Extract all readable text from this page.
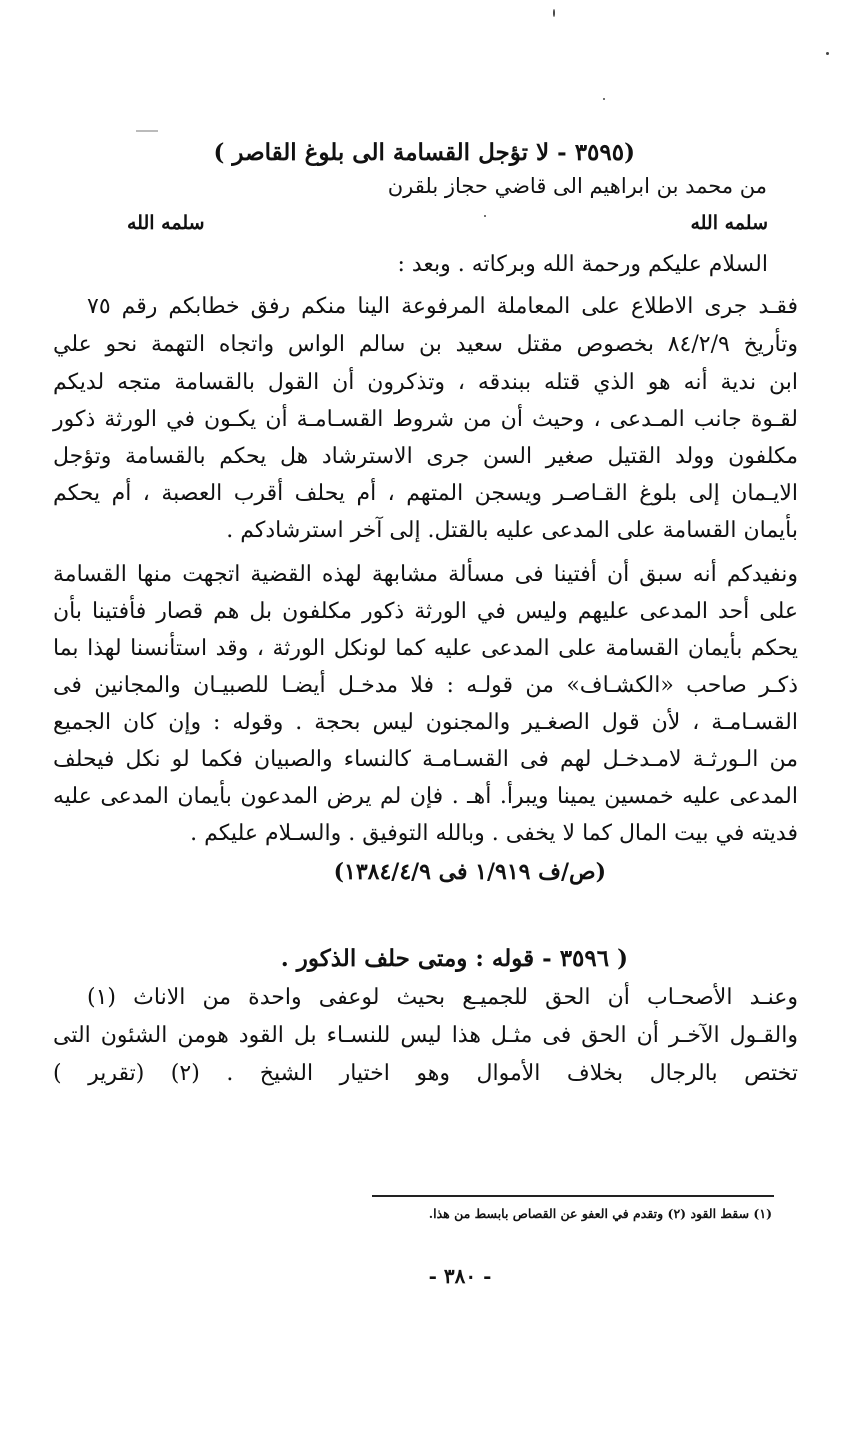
(٣٥٩٥ - لا تؤجل القسامة الى بلوغ القاصر )
من محمد بن ابراهيم الى قاضي حجاز بلقرن
سلمه الله
سلمه الله
السلام عليكم ورحمة الله وبركاته . وبعد :
فقـد جرى الاطلاع على المعاملة المرفوعة الينا منكم رفق خطابكم رقم ٧٥
وتأريخ ٨٤/٢/٩ بخصوص مقتل سعيد بن سالم الواس واتجاه التهمة نحو علي
ابن ندية أنه هو الذي قتله ببندقه ، وتذكرون أن القول بالقسامة متجه لديكم
لقـوة جانب المـدعى ، وحيث أن من شروط القسـامـة أن يكـون في الورثة ذكور
مكلفون وولد القتيل صغير السن جرى الاسترشاد هل يحكم بالقسامة وتؤجل
الايـمان إلى بلوغ القـاصـر ويسجن المتهم ، أم يحلف أقرب العصبة ، أم يحكم
بأيمان القسامة على المدعى عليه بالقتل. إلى آخر استرشادكم .
ونفيدكم أنه سبق أن أفتينا فى مسألة مشابهة لهذه القضية اتجهت منها القسامة
على أحد المدعى عليهم وليس في الورثة ذكور مكلفون بل هم قصار فأفتينا بأن
يحكم بأيمان القسامة على المدعى عليه كما لونكل الورثة ، وقد استأنسنا لهذا بما
ذكـر صاحب «الكشـاف» من قولـه : فلا مدخـل أيضـا للصبيـان والمجانين فى
القسـامـة ، لأن قول الصغـير والمجنون ليس بحجة . وقوله : وإن كان الجميع
من الـورثـة لامـدخـل لهم فى القسـامـة كالنساء والصبيان فكما لو نكل فيحلف
المدعى عليه خمسين يمينا ويبرأ. أهـ . فإن لم يرض المدعون بأيمان المدعى عليه
فديته في بيت المال كما لا يخفى . وبالله التوفيق . والسـلام عليكم .
(ص/ف ١/٩١٩ فى ١٣٨٤/٤/٩)
( ٣٥٩٦ - قوله : ومتى حلف الذكور .
وعنـد الأصحـاب أن الحق للجميـع بحيث لوعفى واحدة من الاناث (١)
والقـول الآخـر أن الحق فى مثـل هذا ليس للنسـاء بل القود هومن الشئون التى
تختص بالرجال بخلاف الأموال وهو اختيار الشيخ . (٢) (تقرير )
(١) سقط القود (٢) وتقدم في العفو عن القصاص بابسط من هذا.
- ٣٨٠ -
